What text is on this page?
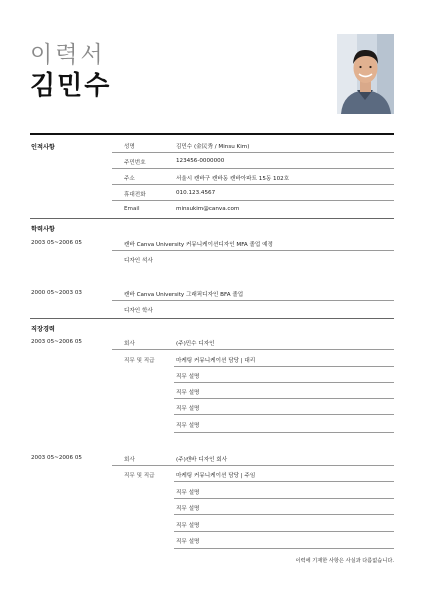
이력서
김민수
인적사항	성명	김민수 (金民秀 / Minsu Kim)
주민번호	123456-0000000
주소	서울시 캔바구 캔바동 캔바아파트 15동 102호
휴대전화	010.123.4567
Email	minsukim@canva.com
학력사항
2003 05~2006 05	캔바 Canva University 커뮤니케이션디자인 MFA 졸업 예정
디자인 석사
2000 05~2003 03	캔바 Canva University 그래픽디자인 BFA 졸업
디자인 학사
직장경력
2003 05~2006 05	회사	(주)민수 디자인
직무 및 직급	마케팅 커뮤니케이션 담당 | 대리
직무 설명
직무 설명
직무 설명
직무 설명
2003 05~2006 05	회사	(주)캔바 디자인 회사
직무 및 직급	마케팅 커뮤니케이션 담당 | 주임
직무 설명
직무 설명
직무 설명
직무 설명
이력에 기재한 사항은 사실과 다름없습니다.
